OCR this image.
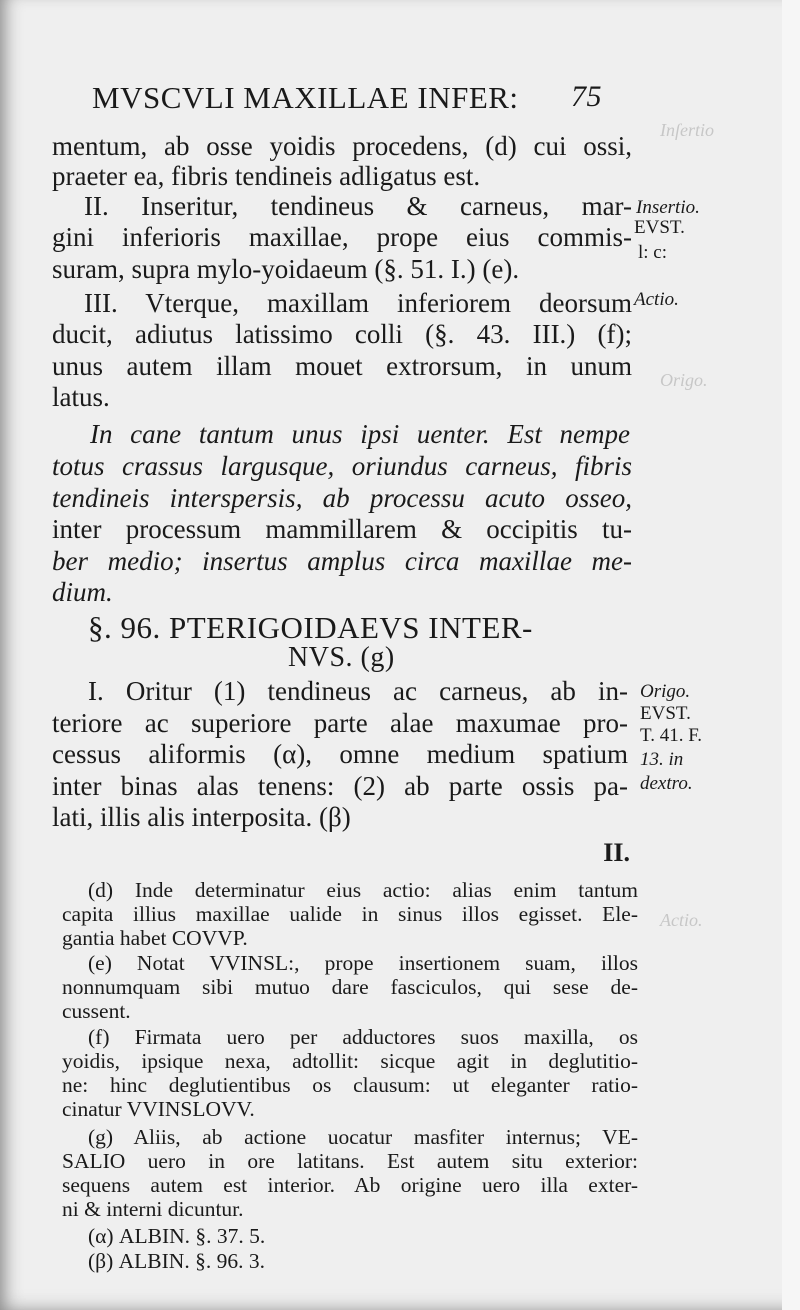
Inſertio
Origo.
Actio.
MVSCVLI MAXILLAE INFER: 75
mentum, ab osse yoidis procedens, (d) cui ossi,
praeter ea, fibris tendineis adligatus est.
II. Inseritur, tendineus & carneus, mar-
gini inferioris maxillae, prope eius commis-
suram, supra mylo-yoidaeum (§. 51. I.) (e).
III. Vterque, maxillam inferiorem deorsum
ducit, adiutus latissimo colli (§. 43. III.) (f);
unus autem illam mouet extrorsum, in unum
latus.
In cane tantum unus ipsi uenter. Est nempe
totus crassus largusque, oriundus carneus, fibris
tendineis interspersis, ab processu acuto osseo,
inter processum mammillarem & occipitis tu-
ber medio; insertus amplus circa maxillae me-
dium.
§. 96. PTERIGOIDAEVS INTER-
NVS. (g)
I. Oritur (1) tendineus ac carneus, ab in-
teriore ac superiore parte alae maxumae pro-
cessus aliformis (α), omne medium spatium
inter binas alas tenens: (2) ab parte ossis pa-
lati, illis alis interposita. (β)
II.
(d) Inde determinatur eius actio: alias enim tantum
capita illius maxillae ualide in sinus illos egisset. Ele-
gantia habet COVVP.
(e) Notat VVINSL:, prope insertionem suam, illos
nonnumquam sibi mutuo dare fasciculos, qui sese de-
cussent.
(f) Firmata uero per adductores suos maxilla, os
yoidis, ipsique nexa, adtollit: sicque agit in deglutitio-
ne: hinc deglutientibus os clausum: ut eleganter ratio-
cinatur VVINSLOVV.
(g) Aliis, ab actione uocatur masfiter internus; VE-
SALIO uero in ore latitans. Est autem situ exterior:
sequens autem est interior. Ab origine uero illa exter-
ni & interni dicuntur.
(α) ALBIN. §. 37. 5.
(β) ALBIN. §. 96. 3.
Insertio.
EVST.
l: c:
Actio.
Origo.
EVST.
T. 41. F.
13. in
dextro.
